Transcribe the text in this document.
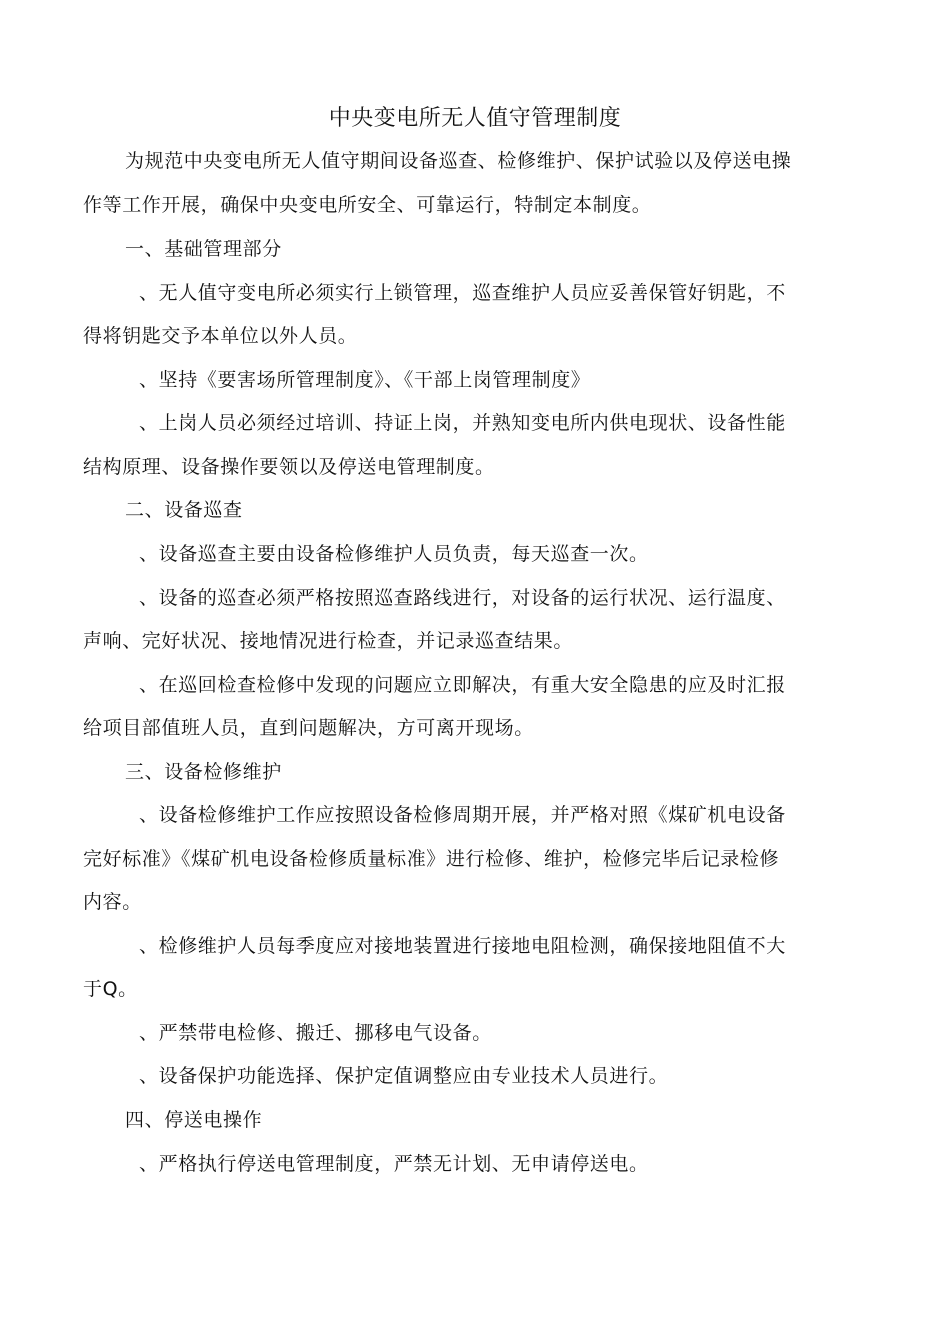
中央变电所无人值守管理制度
为规范中央变电所无人值守期间设备巡查、检修维护、保护试验以及停送电操
作等工作开展，确保中央变电所安全、可靠运行，特制定本制度。
一、基础管理部分
、无人值守变电所必须实行上锁管理，巡查维护人员应妥善保管好钥匙，不
得将钥匙交予本单位以外人员。
、坚持《要害场所管理制度》、《干部上岗管理制度》
、上岗人员必须经过培训、持证上岗，并熟知变电所内供电现状、设备性能
结构原理、设备操作要领以及停送电管理制度。
二、设备巡查
、设备巡查主要由设备检修维护人员负责，每天巡查一次。
、设备的巡查必须严格按照巡查路线进行，对设备的运行状况、运行温度、
声响、完好状况、接地情况进行检查，并记录巡查结果。
、在巡回检查检修中发现的问题应立即解决，有重大安全隐患的应及时汇报
给项目部值班人员，直到问题解决，方可离开现场。
三、设备检修维护
、设备检修维护工作应按照设备检修周期开展，并严格对照《煤矿机电设备
完好标准》《煤矿机电设备检修质量标准》进行检修、维护，检修完毕后记录检修
内容。
、检修维护人员每季度应对接地装置进行接地电阻检测，确保接地阻值不大
于Q。
、严禁带电检修、搬迁、挪移电气设备。
、设备保护功能选择、保护定值调整应由专业技术人员进行。
四、停送电操作
、严格执行停送电管理制度，严禁无计划、无申请停送电。
